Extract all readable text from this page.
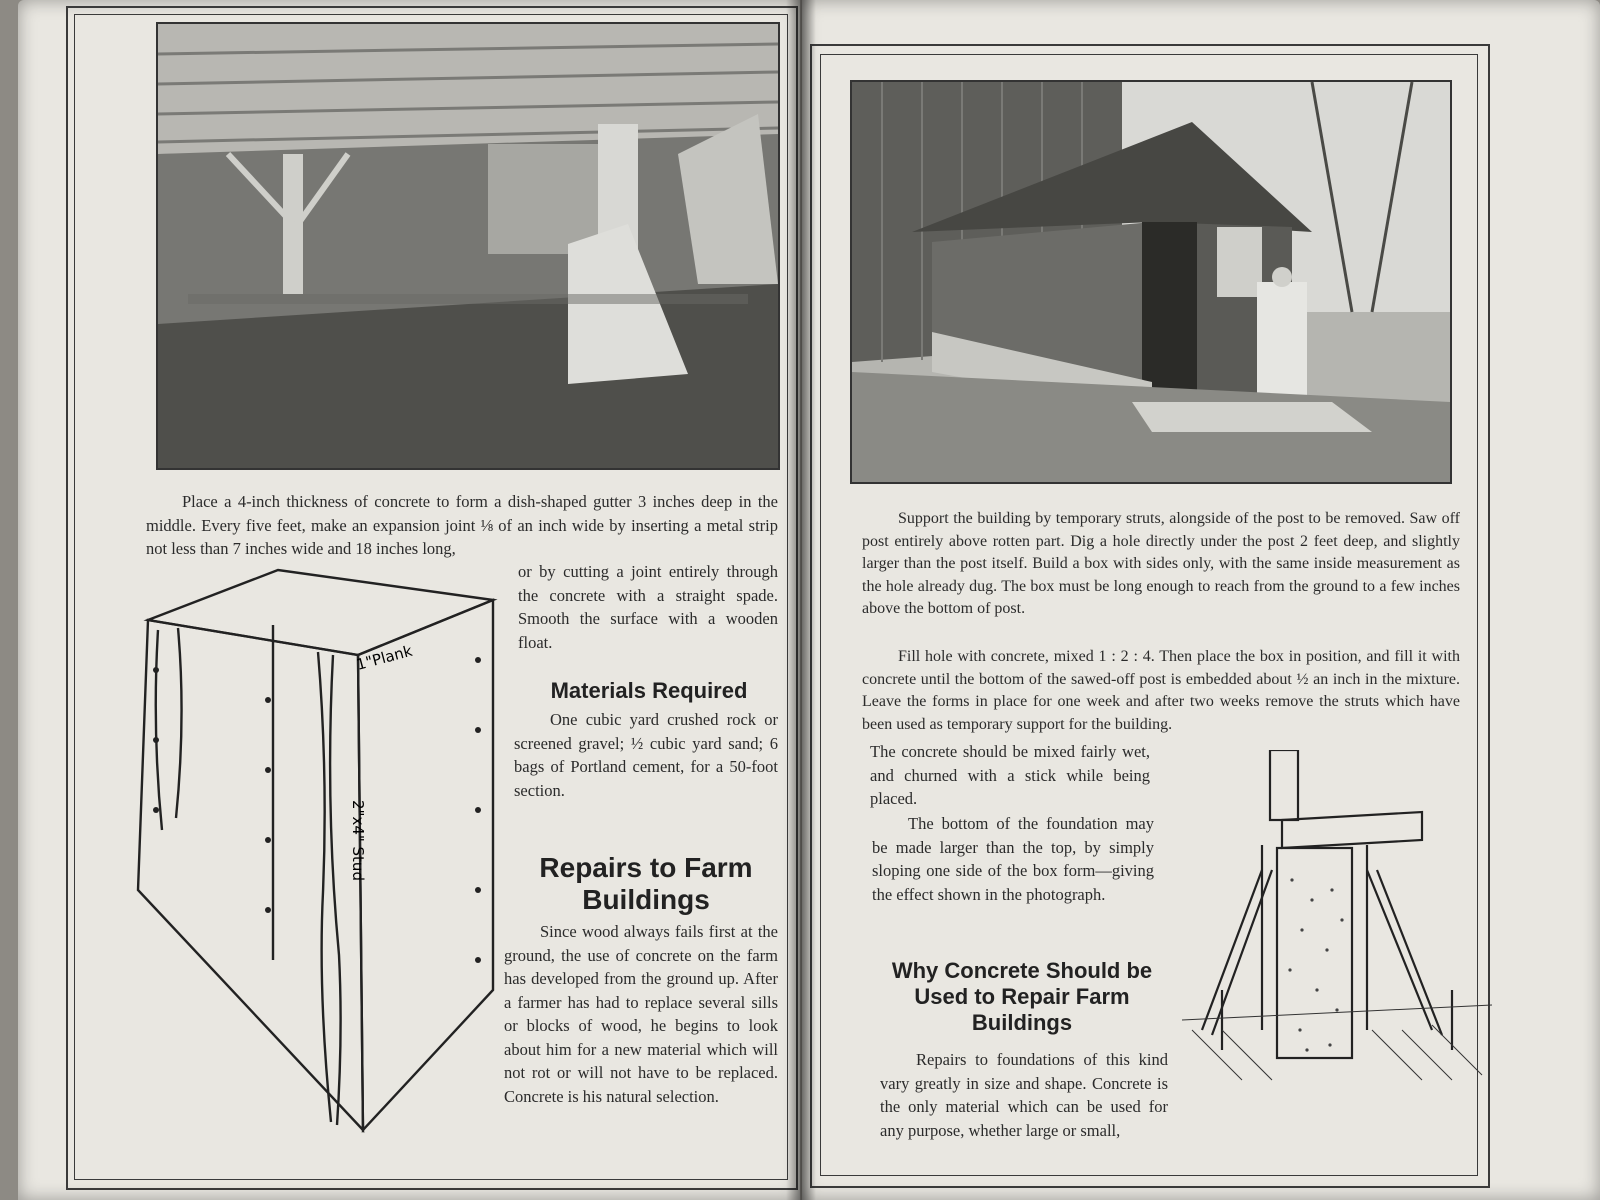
Place a 4-inch thickness of concrete to form a dish-shaped gutter 3 inches deep in the middle. Every five feet, make an expansion joint ⅛ of an inch wide by inserting a metal strip not less than 7 inches wide and 18 inches long,

or by cutting a joint entirely through the concrete with a straight spade. Smooth the surface with a wooden float.

1"Plank
2"x4" Stud
Materials Required

One cubic yard crushed rock or screened gravel; ½ cubic yard sand; 6 bags of Portland cement, for a 50-foot section.

Repairs to Farm Buildings

Since wood always fails first at the ground, the use of concrete on the farm has developed from the ground up. After a farmer has had to replace several sills or blocks of wood, he begins to look about him for a new material which will not rot or will not have to be replaced. Concrete is his natural selection.

Support the building by temporary struts, alongside of the post to be removed. Saw off post entirely above rotten part. Dig a hole directly under the post 2 feet deep, and slightly larger than the post itself. Build a box with sides only, with the same inside measurement as the hole already dug. The box must be long enough to reach from the ground to a few inches above the bottom of post.

Fill hole with concrete, mixed 1 : 2 : 4. Then place the box in position, and fill it with concrete until the bottom of the sawed-off post is embedded about ½ an inch in the mixture. Leave the forms in place for one week and after two weeks remove the struts which have been used as temporary support for the building.

The concrete should be mixed fairly wet, and churned with a stick while being placed.

The bottom of the foundation may be made larger than the top, by simply sloping one side of the box form—giving the effect shown in the photograph.

Why Concrete Should be Used to Repair Farm Buildings

Repairs to foundations of this kind vary greatly in size and shape. Concrete is the only material which can be used for any purpose, whether large or small,
